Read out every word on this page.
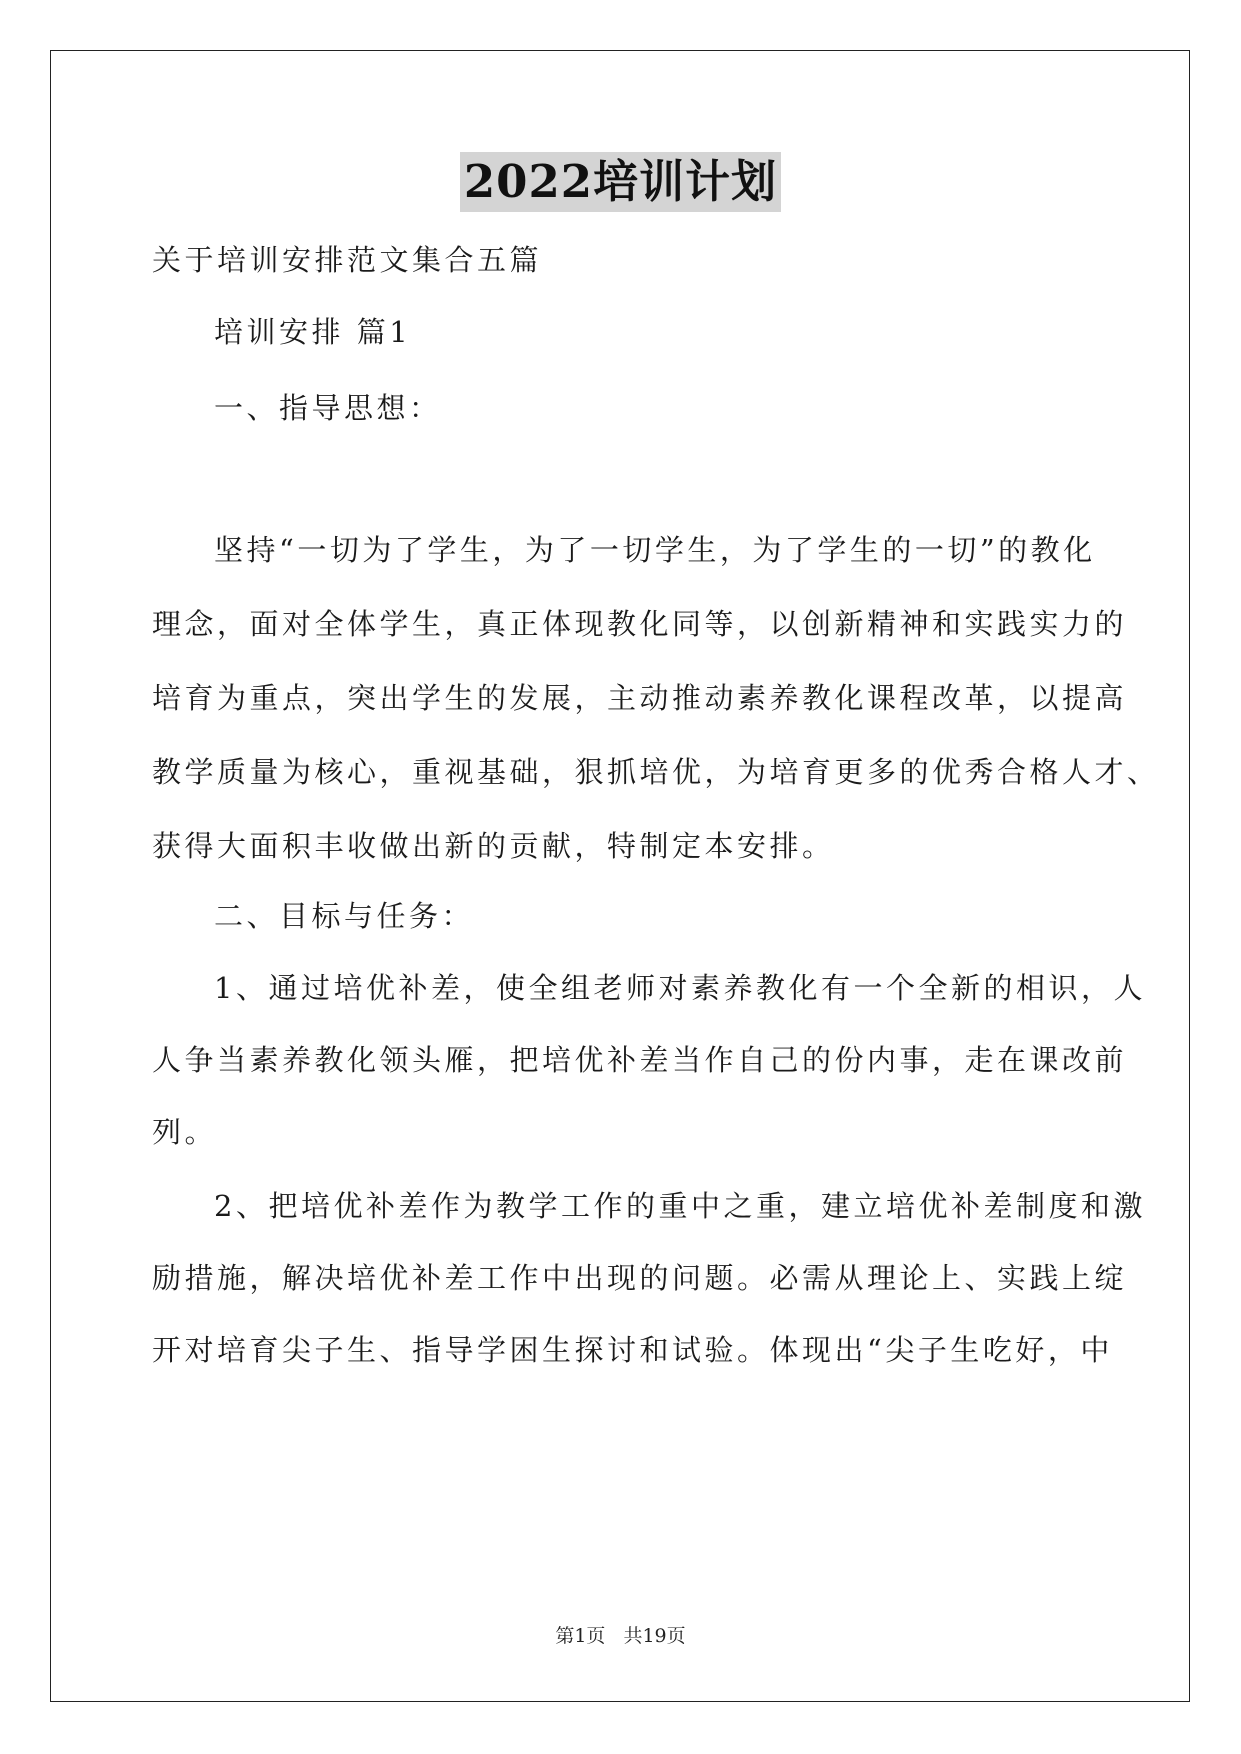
2022培训计划
关于培训安排范文集合五篇
培训安排 篇1
一、指导思想：
坚持“一切为了学生，为了一切学生，为了学生的一切”的教化
理念，面对全体学生，真正体现教化同等，以创新精神和实践实力的
培育为重点，突出学生的发展，主动推动素养教化课程改革，以提高
教学质量为核心，重视基础，狠抓培优，为培育更多的优秀合格人才、
获得大面积丰收做出新的贡献，特制定本安排。
二、目标与任务：
1、通过培优补差，使全组老师对素养教化有一个全新的相识，人
人争当素养教化领头雁，把培优补差当作自己的份内事，走在课改前
列。
2、把培优补差作为教学工作的重中之重，建立培优补差制度和激
励措施，解决培优补差工作中出现的问题。必需从理论上、实践上绽
开对培育尖子生、指导学困生探讨和试验。体现出“尖子生吃好，中
第1页 共19页
